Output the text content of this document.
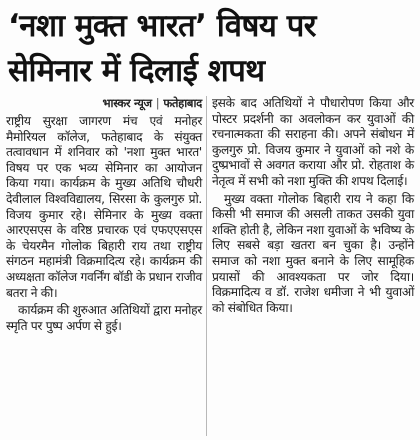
‘नशा मुक्त भारत’ विषय पर
सेमिनार में दिलाई शपथ
भास्कर न्यूज | फतेहाबाद

राष्ट्रीय सुरक्षा जागरण मंच एवं मनोहर मैमोरियल कॉलेज, फतेहाबाद के संयुक्त तत्वावधान में शनिवार को 'नशा मुक्त भारत' विषय पर एक भव्य सेमिनार का आयोजन किया गया। कार्यक्रम के मुख्य अतिथि चौधरी देवीलाल विश्वविद्यालय, सिरसा के कुलगुरु प्रो. विजय कुमार रहे। सेमिनार के मुख्य वक्ता आरएसएस के वरिष्ठ प्रचारक एवं एफएएसएस के चेयरमैन गोलोक बिहारी राय तथा राष्ट्रीय संगठन महामंत्री विक्रमादित्य रहे। कार्यक्रम की अध्यक्षता कॉलेज गवर्निंग बॉडी के प्रधान राजीव बतरा ने की।

कार्यक्रम की शुरुआत अतिथियों द्वारा मनोहर स्मृति पर पुष्प अर्पण से हुई।

इसके बाद अतिथियों ने पौधारोपण किया और पोस्टर प्रदर्शनी का अवलोकन कर युवाओं की रचनात्मकता की सराहना की। अपने संबोधन में कुलगुरु प्रो. विजय कुमार ने युवाओं को नशे के दुष्प्रभावों से अवगत कराया और प्रो. रोहताश के नेतृत्व में सभी को नशा मुक्ति की शपथ दिलाई।

मुख्य वक्ता गोलोक बिहारी राय ने कहा कि किसी भी समाज की असली ताकत उसकी युवा शक्ति होती है, लेकिन नशा युवाओं के भविष्य के लिए सबसे बड़ा खतरा बन चुका है। उन्होंने समाज को नशा मुक्त बनाने के लिए सामूहिक प्रयासों की आवश्यकता पर जोर दिया। विक्रमादित्य व डॉ. राजेश धमीजा ने भी युवाओं को संबोधित किया।
